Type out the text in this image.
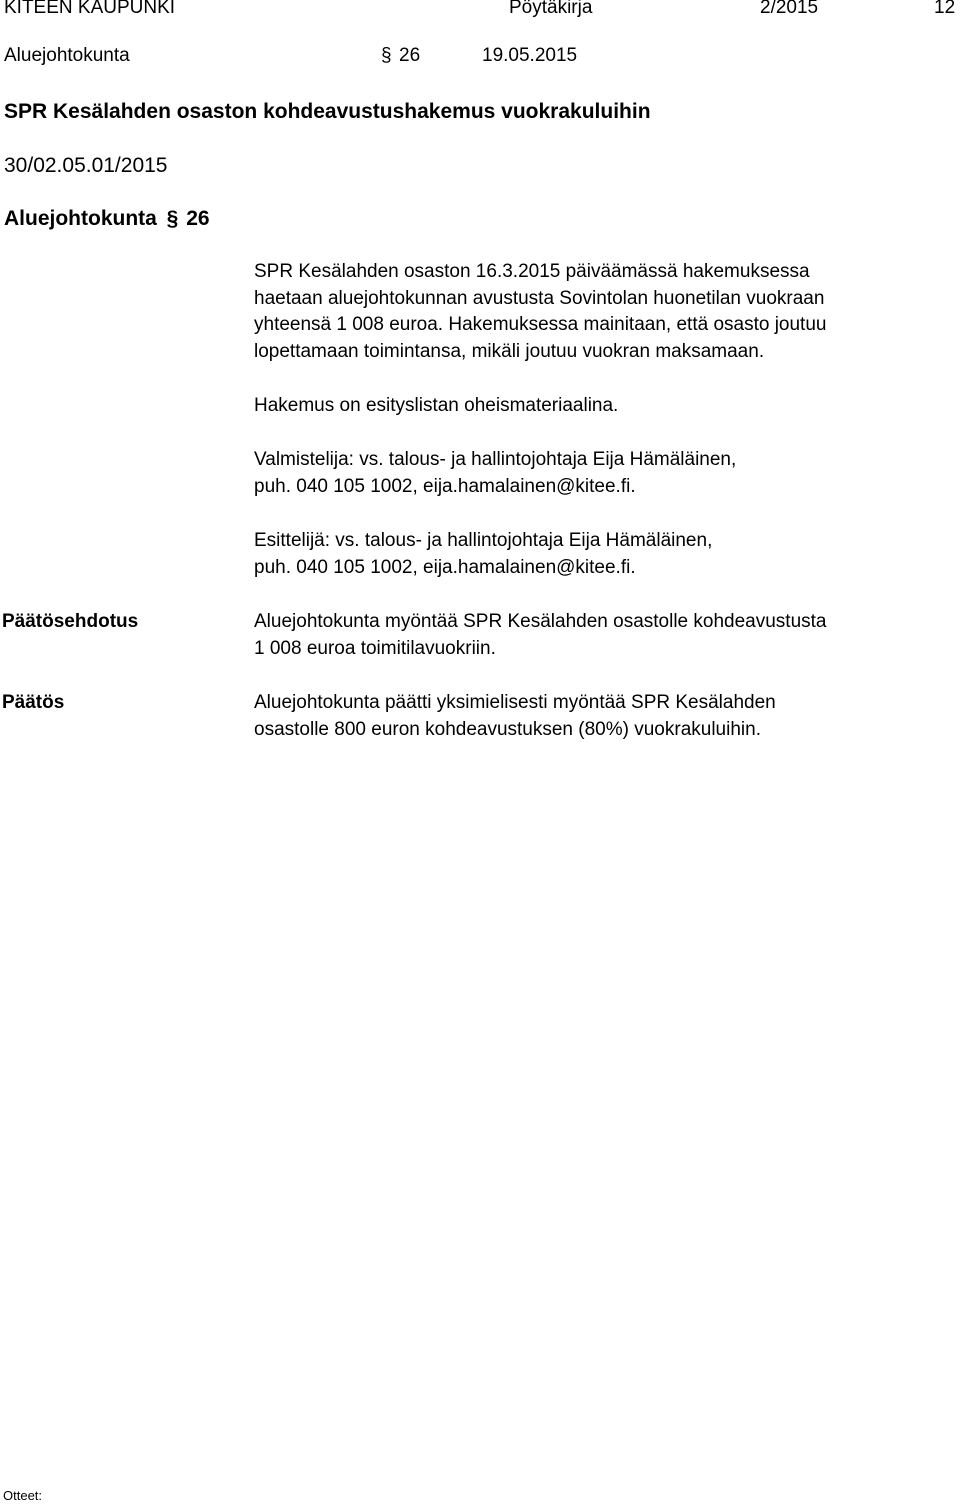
KITEEN KAUPUNKI	Pöytäkirja	2/2015	12
Aluejohtokunta	§ 26	19.05.2015
SPR Kesälahden osaston kohdeavustushakemus vuokrakuluihin
30/02.05.01/2015
Aluejohtokunta § 26
SPR Kesälahden osaston 16.3.2015 päiväämässä hakemuksessa
haetaan aluejohtokunnan avustusta Sovintolan huonetilan vuokraan
yhteensä 1 008 euroa. Hakemuksessa mainitaan, että osasto joutuu
lopettamaan toimintansa, mikäli joutuu vuokran maksamaan.
Hakemus on esityslistan oheismateriaalina.
Valmistelija: vs. talous- ja hallintojohtaja Eija Hämäläinen,
puh. 040 105 1002, eija.hamalainen@kitee.fi.
Esittelijä: vs. talous- ja hallintojohtaja Eija Hämäläinen,
puh. 040 105 1002, eija.hamalainen@kitee.fi.
Päätösehdotus	Aluejohtokunta myöntää SPR Kesälahden osastolle kohdeavustusta
1 008 euroa toimitilavuokriin.
Päätös	Aluejohtokunta päätti yksimielisesti myöntää SPR Kesälahden
osastolle 800 euron kohdeavustuksen (80%) vuokrakuluihin.
Otteet:
